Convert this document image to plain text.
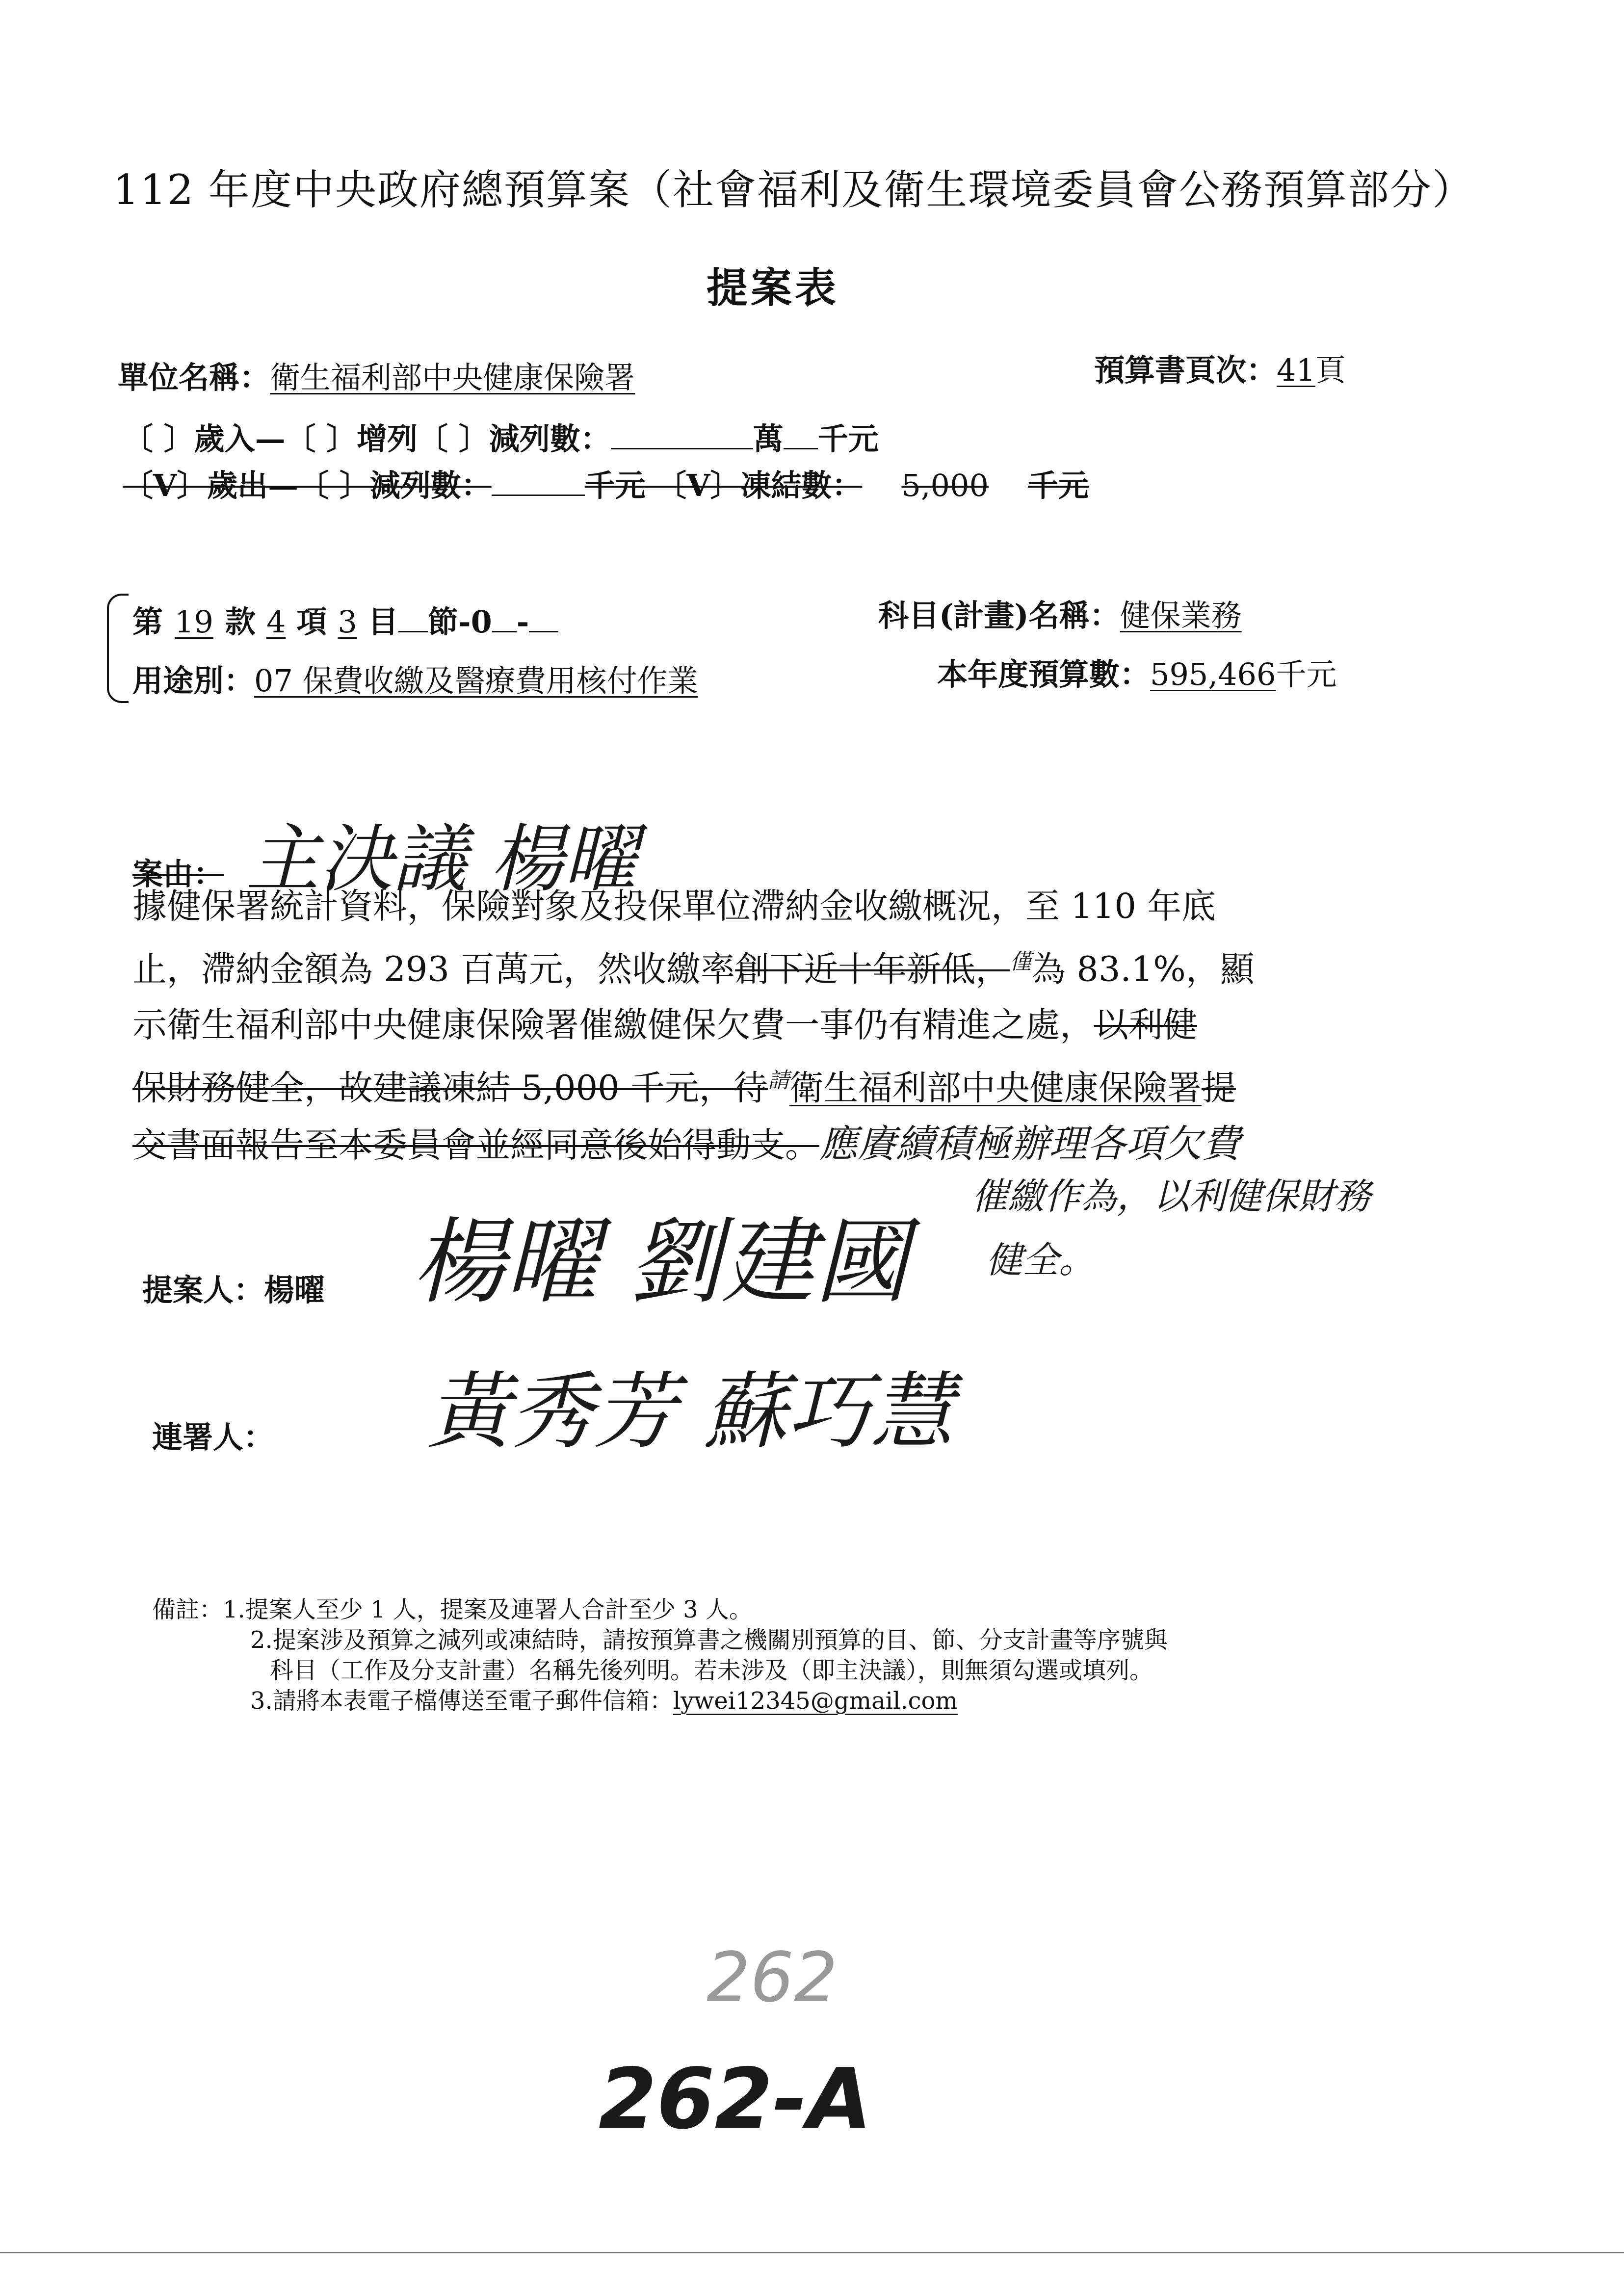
112 年度中央政府總預算案（社會福利及衛生環境委員會公務預算部分）
提案表
單位名稱：衛生福利部中央健康保險署	預算書頁次：41頁
〔 〕歲入—〔 〕增列〔 〕減列數：	萬 千元
〔V〕歲出—〔 〕減列數：	千元 〔V〕凍結數： 5,000 千元
第 19 款 4 項 3 目 節-0 -	科目(計畫)名稱：健保業務
用途別：07 保費收繳及醫療費用核付作業	本年度預算數：595,466千元
案由： 主決議 楊曜
據健保署統計資料，保險對象及投保單位滯納金收繳概況，至 110 年底
止，滯納金額為 293 百萬元，然收繳率創下近十年新低，$^僅$為 83.1%，顯
示衛生福利部中央健康保險署催繳健保欠費一事仍有精進之處，以利健
保財務健全，故建議凍結 5,000 千元，待$^請$衛生福利部中央健康保險署提
交書面報告至本委員會並經同意後始得動支。應賡續積極辦理各項欠費
催繳作為，以利健保財務
健全。
提案人：楊曜 楊曜 劉建國
連署人： 黃秀芳 蘇巧慧
備註：1.提案人至少 1 人，提案及連署人合計至少 3 人。
2.提案涉及預算之減列或凍結時，請按預算書之機關別預算的目、節、分支計畫等序號與
科目（工作及分支計畫）名稱先後列明。若未涉及（即主決議），則無須勾選或填列。
3.請將本表電子檔傳送至電子郵件信箱：lywei12345@gmail.com
262
262-A
